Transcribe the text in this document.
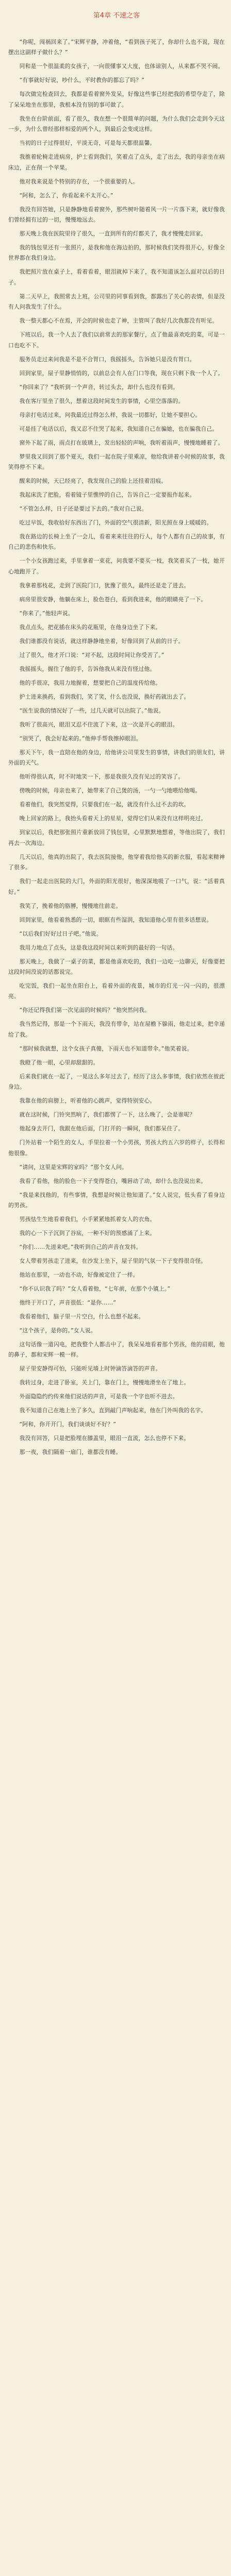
第4章 不速之客

“你呢，闯祸回来了。”宋辉平静，冲着他，“看到孩子死了，你却什么也不说，现在摆出这副样子做什么？”

同和是一个很温柔的女孩子，一向很懂事又大度，也体谅别人，从来都不哭不闹。

“有事就好好说，吵什么，平时教你的都忘了吗？”

每次做完检查回去，我都是看着窗外发呆，好像这些事已经把我的希望夺走了，除了呆呆地坐在那里，我根本没有别的事可做了。

我坐在台阶前面，看了很久，我在想一个很简单的问题，为什么我们会走到今天这一步，为什么曾经那样相爱的两个人，到最后会变成这样。

当初的日子过得很好，平淡无奇，可是每天都很温馨。

我推着轮椅走进病房，护士看到我们，笑着点了点头，走了出去，我的母亲坐在病床边，正在削一个苹果。

他对我来说是个特别的存在，一个很重要的人。

“阿和，怎么了，你看起来不太开心。”

我没有回答她，只是静静地看着窗外，那些树叶随着风一片一片落下来，就好像我们曾经拥有过的一切，慢慢地远去。

那天晚上我在医院里待了很久，一直到所有的灯都关了，我才慢慢走回家。

我的钱包里还有一张照片，是我和他在海边拍的，那时候我们笑得很开心，好像全世界都在我们身边。

我把照片放在桌子上，看着看着，眼泪就掉下来了，我不知道该怎么面对以后的日子。

第二天早上，我照常去上班，公司里的同事看到我，都露出了关心的表情，但是没有人问我发生了什么。

我一整天都心不在焉，开会的时候也走了神，主管叫了我好几次我都没有听见。

下班以后，我一个人去了我们以前常去的那家餐厅，点了他最喜欢吃的菜，可是一口也吃不下。

服务员走过来问我是不是不合胃口，我摇摇头，告诉她只是没有胃口。

回到家里，屋子里静悄悄的，以前总会有人在门口等我，现在只剩下我一个人了。

“你回来了？”我听到一个声音，转过头去，却什么也没有看到。

我在客厅里坐了很久，想着这段时间发生的事情，心里空落落的。

母亲打电话过来，问我最近过得怎么样，我说一切都好，让她不要担心。

可是挂了电话以后，我又忍不住哭了起来，我知道自己在骗她，也在骗我自己。

窗外下起了雨，雨点打在玻璃上，发出轻轻的声响，我听着雨声，慢慢地睡着了。

梦里我又回到了那个夏天，我们一起在院子里乘凉，他给我讲着小时候的故事，我笑得停不下来。

醒来的时候，天已经亮了，我发现自己的脸上还挂着泪痕。

我起床洗了把脸，看着镜子里憔悴的自己，告诉自己一定要振作起来。

“不管怎么样，日子还是要过下去的。”我对自己说。

吃过早饭，我收拾好东西出了门，外面的空气很清新，阳光照在身上暖暖的。

我在路边的长椅上坐了一会儿，看着来来往往的行人，每个人都有自己的故事，有自己的悲伤和快乐。

一个小女孩跑过来，手里拿着一束花，问我要不要买一枝，我笑着买了一枝，她开心地跑开了。

我拿着那枝花，走到了医院门口，犹豫了很久，最终还是走了进去。

病房里很安静，他躺在床上，脸色苍白，看到我进来，他的眼睛亮了一下。

“你来了。”他轻声说。

我点点头，把花插在床头的花瓶里，在他身边坐了下来。

我们谁都没有说话，就这样静静地坐着，好像回到了从前的日子。

过了很久，他才开口说：“对不起，这段时间让你受苦了。”

我摇摇头，握住了他的手，告诉他我从来没有怪过他。

他的手很凉，我用力地握着，想要把自己的温度传给他。

护士进来换药，看到我们，笑了笑，什么也没说，换好药就出去了。

“医生说我的情况好了一些，过几天就可以出院了。”他说。

我听了很高兴，眼泪又忍不住流了下来，这一次是开心的眼泪。

“别哭了，我会好起来的。”他伸手帮我擦掉眼泪。

那天下午，我一直陪在他的身边，给他讲公司里发生的事情，讲我们的朋友们，讲外面的天气。

他听得很认真，时不时地笑一下，那是我很久没有见过的笑容了。

傍晚的时候，母亲也来了，她带来了自己煲的汤，一勺一勺地喂给他喝。

看着他们，我突然觉得，只要我们在一起，就没有什么过不去的坎。

晚上回家的路上，我抬头看着天上的星星，觉得它们从来没有这样明亮过。

到家以后，我把那张照片重新放回了钱包里，心里默默地想着，等他出院了，我们再去一次海边。

几天以后，他真的出院了，我去医院接他，他穿着我给他买的新衣服，看起来精神了很多。

我们一起走出医院的大门，外面的阳光很好，他深深地吸了一口气，说：“活着真好。”

我笑了，挽着他的胳膊，慢慢地往前走。

回到家里，他看着熟悉的一切，眼眶有些湿润，我知道他心里有很多话想说。

“以后我们好好过日子吧。”他说。

我用力地点了点头，这是我这段时间以来听到的最好的一句话。

那天晚上，我做了一桌子的菜，都是他喜欢吃的，我们一边吃一边聊天，好像要把这段时间没说的话都说完。

吃完饭，我们一起坐在阳台上，看着外面的夜景，城市的灯光一闪一闪的，很漂亮。

“你还记得我们第一次见面的时候吗？”他突然问我。

我当然记得，那是一个下雨天，我没有带伞，站在屋檐下躲雨，他走过来，把伞递给了我。

“那时候我就想，这个女孩子真傻，下雨天也不知道带伞。”他笑着说。

我瞪了他一眼，心里却甜甜的。

后来我们就在一起了，一晃这么多年过去了，经历了这么多事情，我们依然在彼此身边。

我靠在他的肩膀上，听着他的心跳声，觉得特别安心。

就在这时候，门铃突然响了，我们都愣了一下，这么晚了，会是谁呢？

他起身去开门，我跟在他后面，门打开的一瞬间，我们都呆住了。

门外站着一个陌生的女人，手里拉着一个小男孩，男孩大约五六岁的样子，长得和他很像。

“请问，这里是宋辉的家吗？”那个女人问。

我看了看他，他的脸色一下子变得苍白，嘴唇动了动，却什么也没说出来。

“我是来找他的，有些事情，我想是时候让他知道了。”女人说完，低头看了看身边的男孩。

男孩怯生生地看着我们，小手紧紧地抓着女人的衣角。

我的心一下子沉到了谷底，一种不好的预感涌了上来。

“你们……先进来吧。”我听到自己的声音在发抖。

女人带着男孩走了进来，在沙发上坐下，屋子里的气氛一下子变得很奇怪。

他站在那里，一动也不动，好像被定住了一样。

“你不认识我了吗？”女人看着他，“七年前，在那个小镇上。”

他终于开口了，声音很低：“是你……”

我看着他们，脑子里一片空白，什么也想不起来。

“这个孩子，是你的。”女人说。

这句话像一道闪电，把我整个人都击中了，我呆呆地看着那个男孩，他的眉眼，他的鼻子，都和宋辉一模一样。

屋子里安静得可怕，只能听见墙上时钟滴答滴答的声音。

我转过身，走进了卧室，关上门，靠在门上，慢慢地滑坐在了地上。

外面隐隐约约传来他们说话的声音，可是我一个字也听不进去。

我不知道自己在地上坐了多久，直到敲门声响起来，他在门外叫我的名字。

“阿和，你开开门，我们谈谈好不好？”

我没有回答，只是把脸埋在膝盖里，眼泪一直流，怎么也停不下来。

那一夜，我们隔着一扇门，谁都没有睡。
